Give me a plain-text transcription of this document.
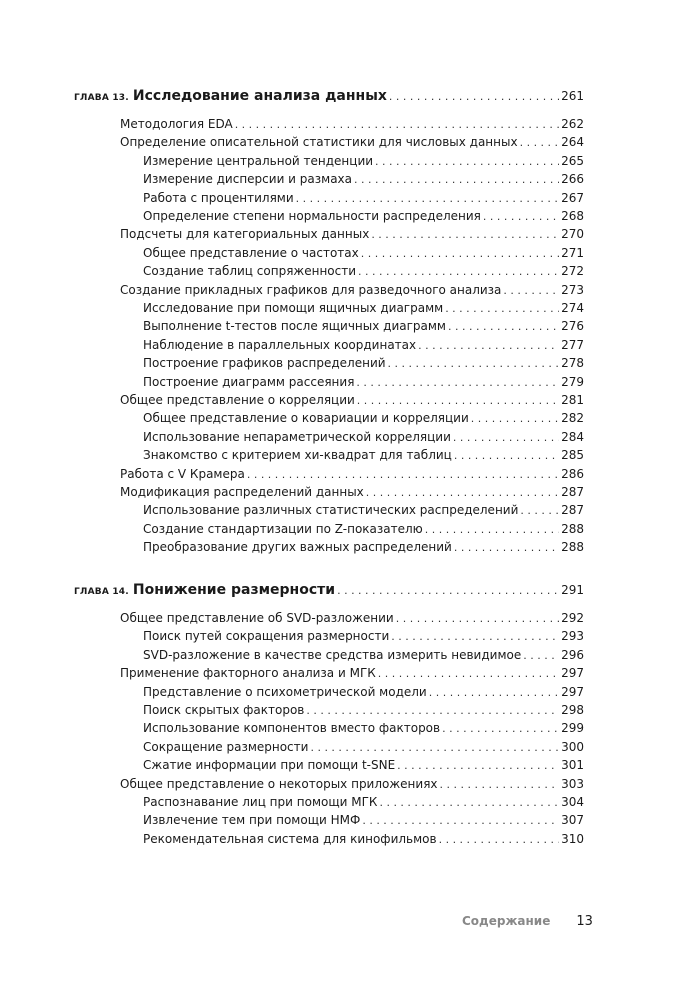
ГЛАВА 13. Исследование анализа данных . . .	261
Методология EDA . . .	262
Определение описательной статистики для числовых данных . . .	264
Измерение центральной тенденции . . .	265
Измерение дисперсии и размаха . . .	266
Работа с процентилями . . .	267
Определение степени нормальности распределения . . .	268
Подсчеты для категориальных данных . . .	270
Общее представление о частотах . . .	271
Создание таблиц сопряженности . . .	272
Создание прикладных графиков для разведочного анализа . . .	273
Исследование при помощи ящичных диаграмм . . .	274
Выполнение t-тестов после ящичных диаграмм . . .	276
Наблюдение в параллельных координатах . . .	277
Построение графиков распределений . . .	278
Построение диаграмм рассеяния . . .	279
Общее представление о корреляции . . .	281
Общее представление о ковариации и корреляции . . .	282
Использование непараметрической корреляции . . .	284
Знакомство с критерием хи-квадрат для таблиц . . .	285
Работа с V Крамера . . .	286
Модификация распределений данных . . .	287
Использование различных статистических распределений . . .	287
Создание стандартизации по Z-показателю . . .	288
Преобразование других важных распределений . . .	288
ГЛАВА 14. Понижение размерности . . .	291
Общее представление об SVD-разложении . . .	292
Поиск путей сокращения размерности . . .	293
SVD-разложение в качестве средства измерить невидимое . . .	296
Применение факторного анализа и МГК . . .	297
Представление о психометрической модели . . .	297
Поиск скрытых факторов . . .	298
Использование компонентов вместо факторов . . .	299
Сокращение размерности . . .	300
Сжатие информации при помощи t-SNE . . .	301
Общее представление о некоторых приложениях . . .	303
Распознавание лиц при помощи МГК . . .	304
Извлечение тем при помощи НМФ . . .	307
Рекомендательная система для кинофильмов . . .	310
Содержание 13
